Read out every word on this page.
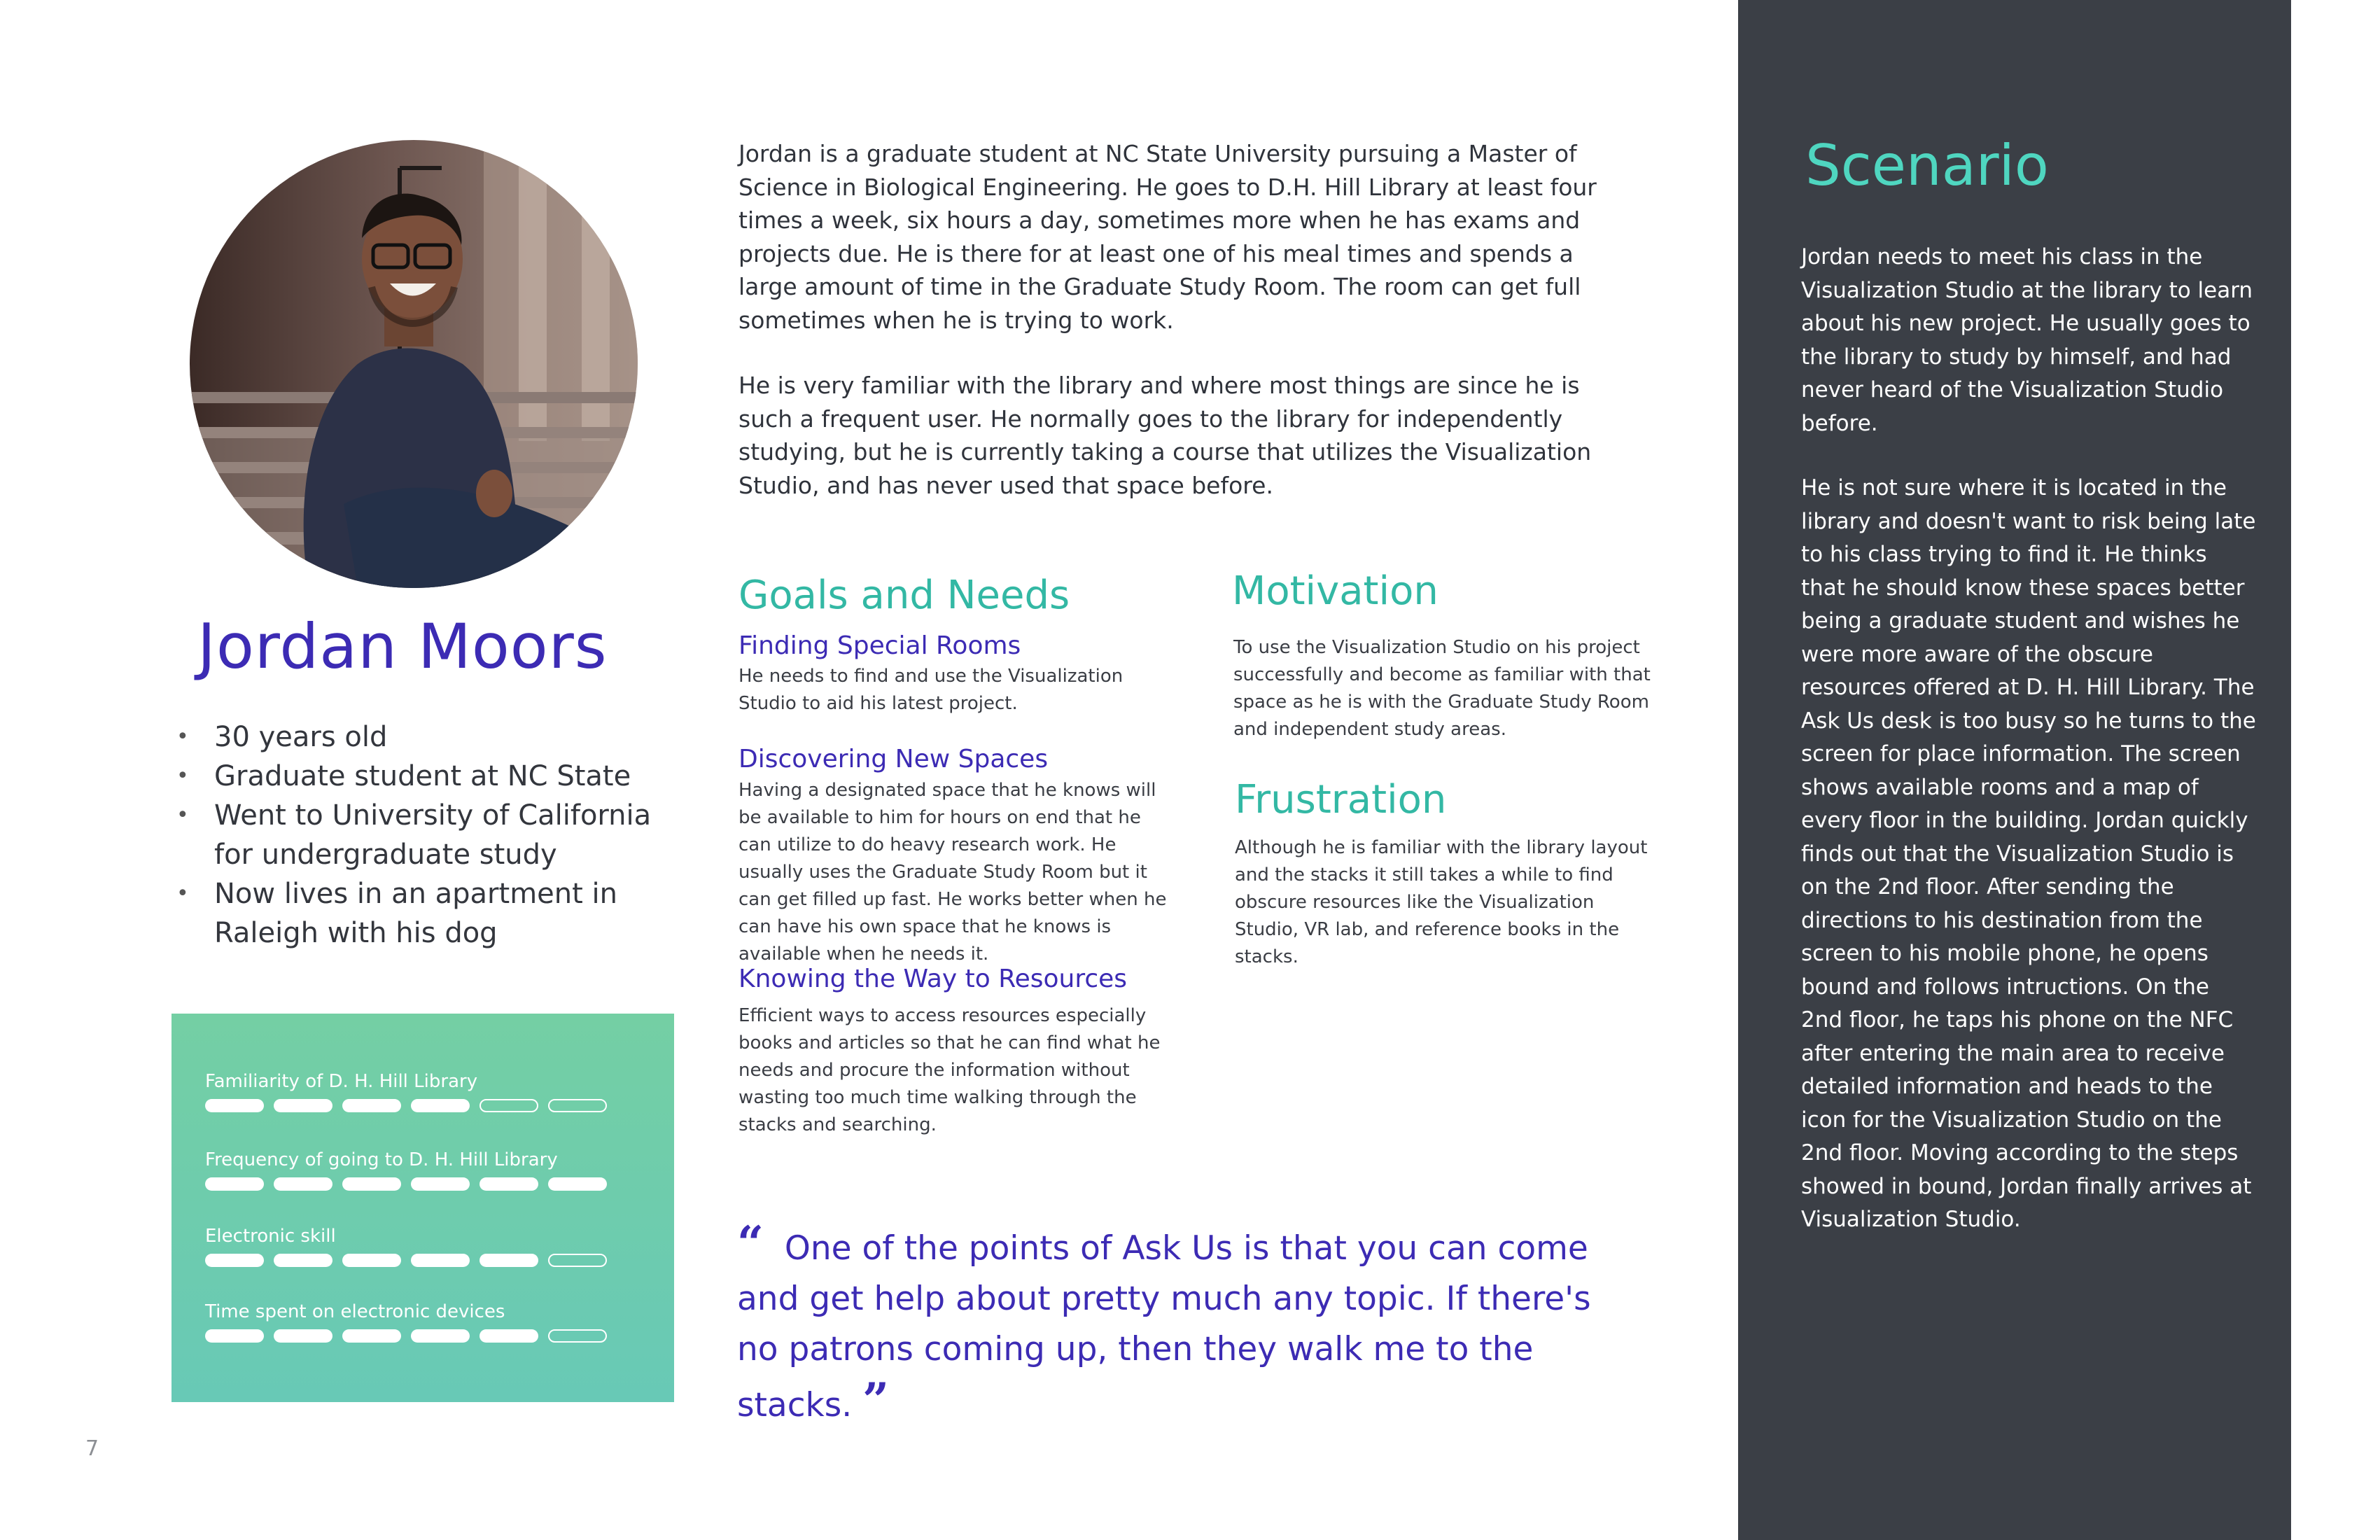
Jordan Moors
• 30 years old
• Graduate student at NC State
• Went to University of California for undergraduate study
• Now lives in an apartment in Raleigh with his dog
Familiarity of D. H. Hill Library
Frequency of going to D. H. Hill Library
Electronic skill
Time spent on electronic devices
Jordan is a graduate student at NC State University pursuing a Master of Science in Biological Engineering. He goes to D.H. Hill Library at least four times a week, six hours a day, sometimes more when he has exams and projects due. He is there for at least one of his meal times and spends a large amount of time in the Graduate Study Room. The room can get full sometimes when he is trying to work.
He is very familiar with the library and where most things are since he is such a frequent user. He normally goes to the library for independently studying, but he is currently taking a course that utilizes the Visualization Studio, and has never used that space before.
Goals and Needs
Finding Special Rooms
He needs to find and use the Visualization Studio to aid his latest project.
Discovering New Spaces
Having a designated space that he knows will be available to him for hours on end that he can utilize to do heavy research work. He usually uses the Graduate Study Room but it can get filled up fast. He works better when he can have his own space that he knows is available when he needs it.
Knowing the Way to Resources
Efficient ways to access resources especially books and articles so that he can find what he needs and procure the information without wasting too much time walking through the stacks and searching.
Motivation
To use the Visualization Studio on his project successfully and become as familiar with that space as he is with the Graduate Study Room and independent study areas.
Frustration
Although he is familiar with the library layout and the stacks it still takes a while to find obscure resources like the Visualization Studio, VR lab, and reference books in the stacks.
“ One of the points of Ask Us is that you can come and get help about pretty much any topic. If there's no patrons coming up, then they walk me to the stacks. ”
7
Scenario
Jordan needs to meet his class in the Visualization Studio at the library to learn about his new project. He usually goes to the library to study by himself, and had never heard of the Visualization Studio before.
He is not sure where it is located in the library and doesn't want to risk being late to his class trying to find it. He thinks that he should know these spaces better being a graduate student and wishes he were more aware of the obscure resources offered at D. H. Hill Library. The Ask Us desk is too busy so he turns to the screen for place information. The screen shows available rooms and a map of every floor in the building. Jordan quickly finds out that the Visualization Studio is on the 2nd floor. After sending the directions to his destination from the screen to his mobile phone, he opens bound and follows intructions. On the 2nd floor, he taps his phone on the NFC after entering the main area to receive detailed information and heads to the icon for the Visualization Studio on the 2nd floor. Moving according to the steps showed in bound, Jordan finally arrives at Visualization Studio.
